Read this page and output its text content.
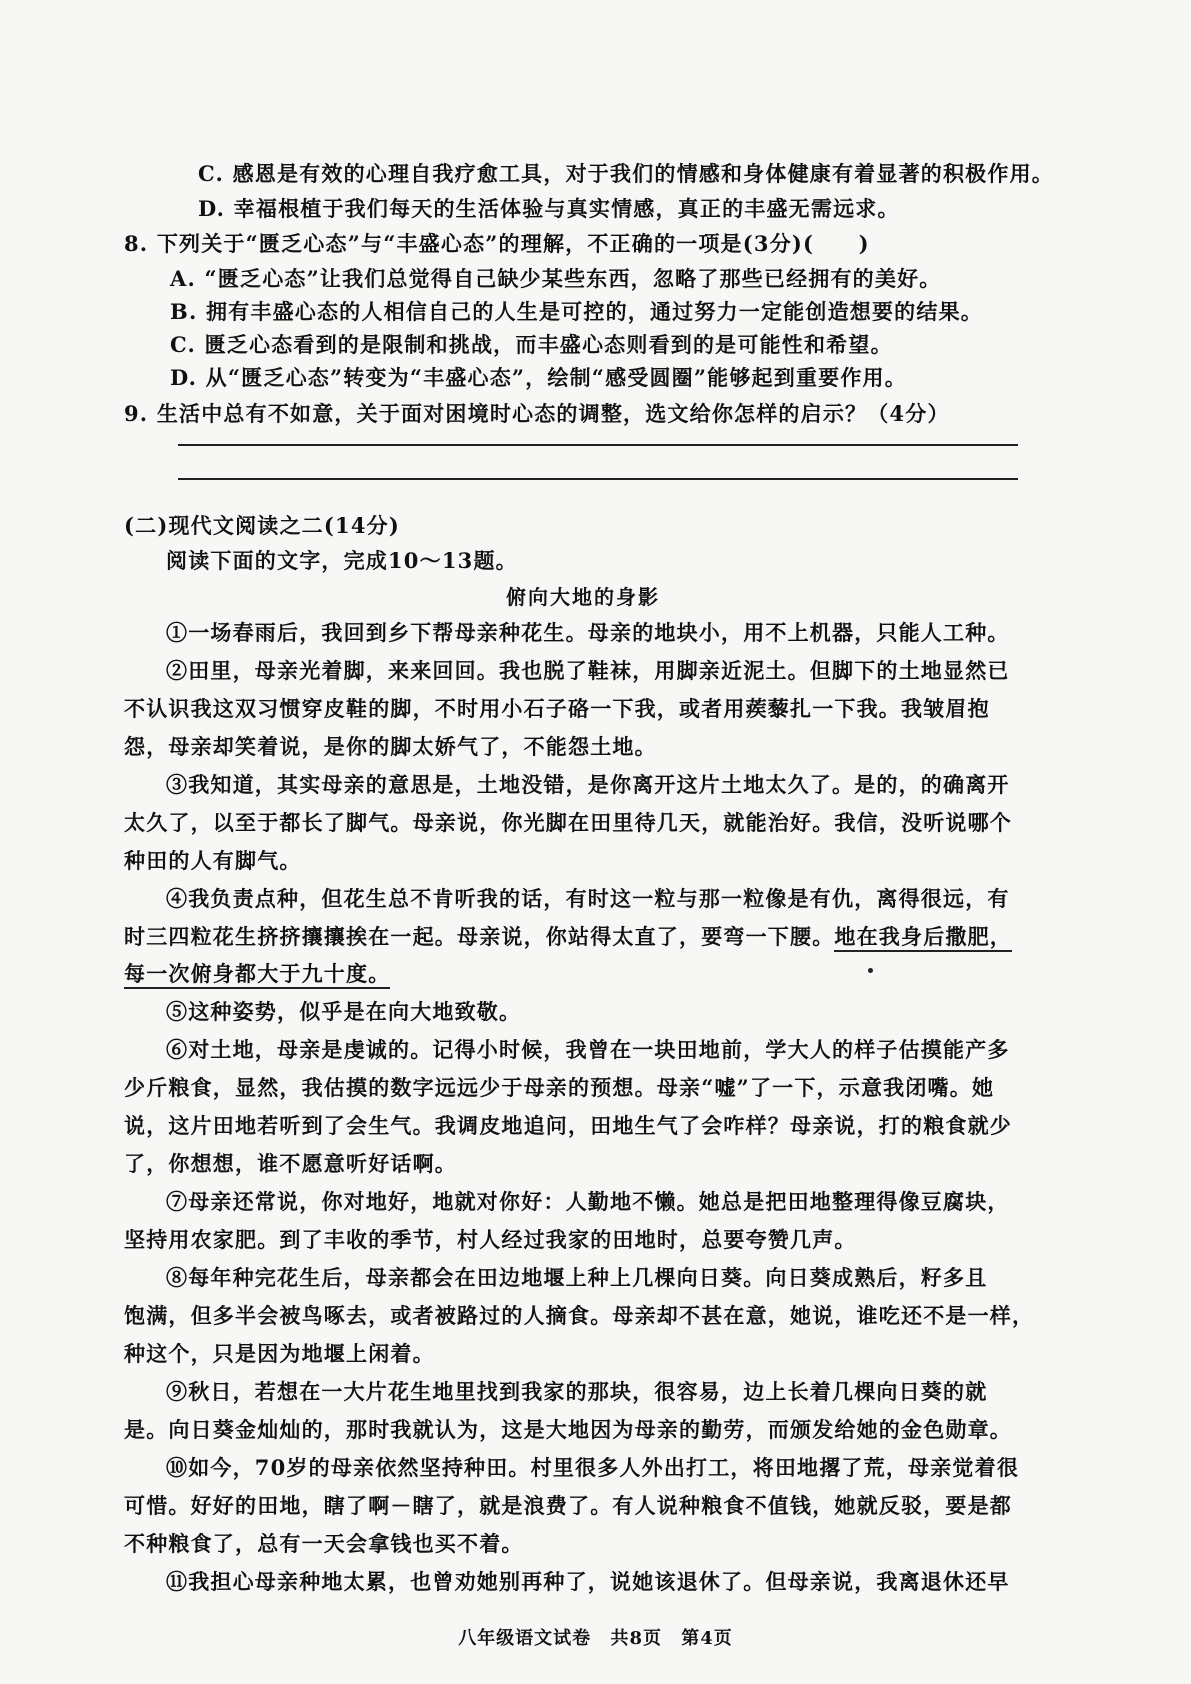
C. 感恩是有效的心理自我疗愈工具，对于我们的情感和身体健康有着显著的积极作用。
D. 幸福根植于我们每天的生活体验与真实情感，真正的丰盛无需远求。
8. 下列关于“匮乏心态”与“丰盛心态”的理解，不正确的一项是(3分)(　　)
A. “匮乏心态”让我们总觉得自己缺少某些东西，忽略了那些已经拥有的美好。
B. 拥有丰盛心态的人相信自己的人生是可控的，通过努力一定能创造想要的结果。
C. 匮乏心态看到的是限制和挑战，而丰盛心态则看到的是可能性和希望。
D. 从“匮乏心态”转变为“丰盛心态”，绘制“感受圆圈”能够起到重要作用。
9. 生活中总有不如意，关于面对困境时心态的调整，选文给你怎样的启示？（4分）
(二)现代文阅读之二(14分)
阅读下面的文字，完成10～13题。
俯向大地的身影
①一场春雨后，我回到乡下帮母亲种花生。母亲的地块小，用不上机器，只能人工种。
②田里，母亲光着脚，来来回回。我也脱了鞋袜，用脚亲近泥土。但脚下的土地显然已
不认识我这双习惯穿皮鞋的脚，不时用小石子硌一下我，或者用蒺藜扎一下我。我皱眉抱
怨，母亲却笑着说，是你的脚太娇气了，不能怨土地。
③我知道，其实母亲的意思是，土地没错，是你离开这片土地太久了。是的，的确离开
太久了，以至于都长了脚气。母亲说，你光脚在田里待几天，就能治好。我信，没听说哪个
种田的人有脚气。
④我负责点种，但花生总不肯听我的话，有时这一粒与那一粒像是有仇，离得很远，有
时三四粒花生挤挤攘攘挨在一起。母亲说，你站得太直了，要弯一下腰。地在我身后撒肥，
每一次俯身都大于九十度。
⑤这种姿势，似乎是在向大地致敬。
⑥对土地，母亲是虔诚的。记得小时候，我曾在一块田地前，学大人的样子估摸能产多
少斤粮食，显然，我估摸的数字远远少于母亲的预想。母亲“嘘”了一下，示意我闭嘴。她
说，这片田地若听到了会生气。我调皮地追问，田地生气了会咋样？母亲说，打的粮食就少
了，你想想，谁不愿意听好话啊。
⑦母亲还常说，你对地好，地就对你好：人勤地不懒。她总是把田地整理得像豆腐块，
坚持用农家肥。到了丰收的季节，村人经过我家的田地时，总要夸赞几声。
⑧每年种完花生后，母亲都会在田边地堰上种上几棵向日葵。向日葵成熟后，籽多且
饱满，但多半会被鸟啄去，或者被路过的人摘食。母亲却不甚在意，她说，谁吃还不是一样，
种这个，只是因为地堰上闲着。
⑨秋日，若想在一大片花生地里找到我家的那块，很容易，边上长着几棵向日葵的就
是。向日葵金灿灿的，那时我就认为，这是大地因为母亲的勤劳，而颁发给她的金色勋章。
⑩如今，70岁的母亲依然坚持种田。村里很多人外出打工，将田地撂了荒，母亲觉着很
可惜。好好的田地，瞎了啊－瞎了，就是浪费了。有人说种粮食不值钱，她就反驳，要是都
不种粮食了，总有一天会拿钱也买不着。
⑪我担心母亲种地太累，也曾劝她别再种了，说她该退休了。但母亲说，我离退休还早
八年级语文试卷 共8页 第4页
